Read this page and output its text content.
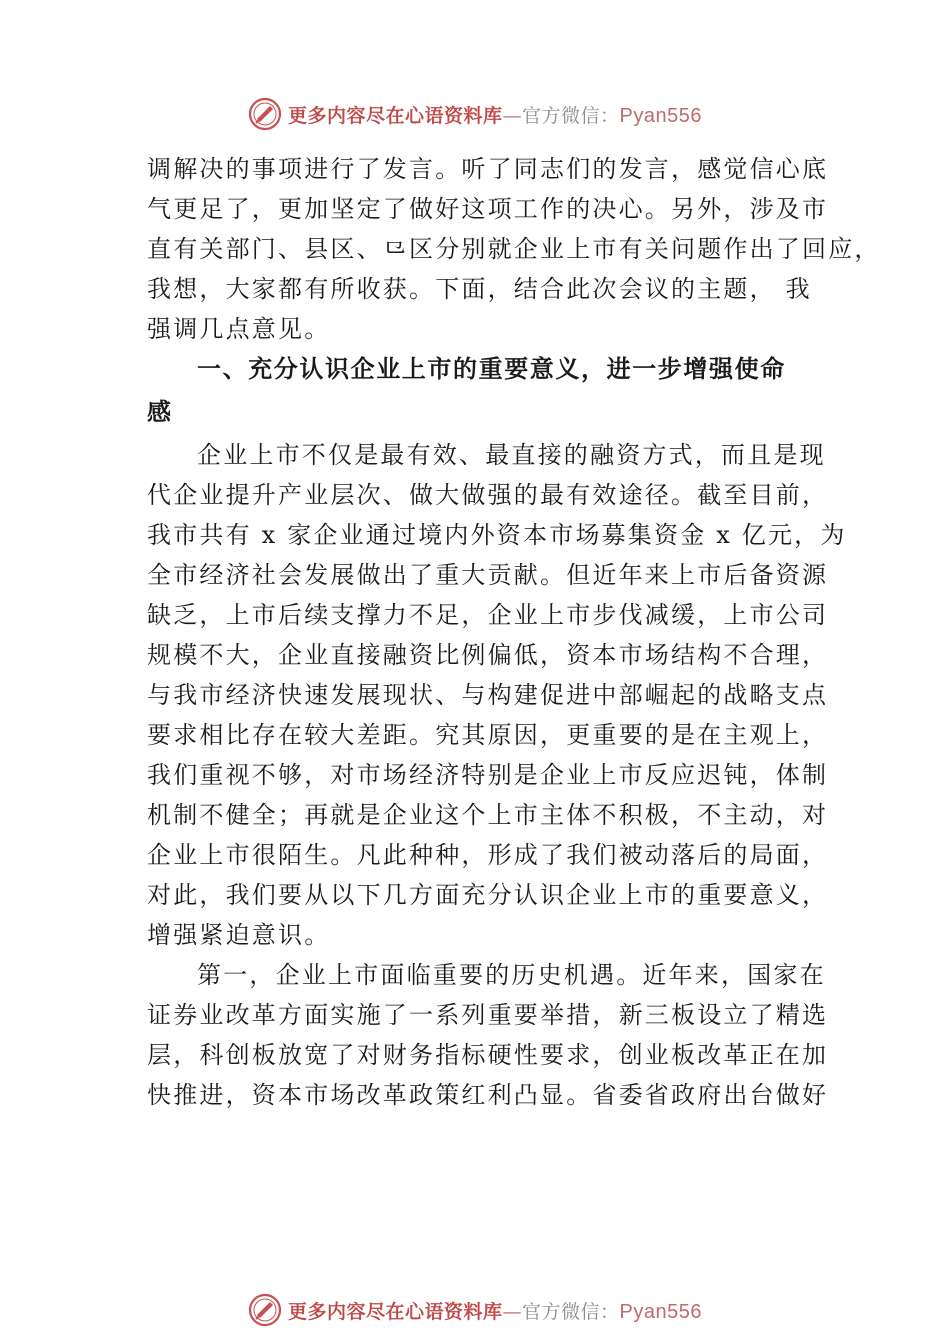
更多内容尽在心语资料库—官方微信：Pyan556
调解决的事项进行了发言。听了同志们的发言，感觉信心底
气更足了，更加坚定了做好这项工作的决心。另外，涉及市
直有关部门、县区、⺋区分别就企业上市有关问题作出了回应，
我想，大家都有所收获。下面，结合此次会议的主题， 我
强调几点意见。
一、充分认识企业上市的重要意义，进一步增强使命
感
企业上市不仅是最有效、最直接的融资方式，而且是现
代企业提升产业层次、做大做强的最有效途径。截至目前，
我市共有 x 家企业通过境内外资本市场募集资金 x 亿元，为
全市经济社会发展做出了重大贡献。但近年来上市后备资源
缺乏，上市后续支撑力不足，企业上市步伐减缓，上市公司
规模不大，企业直接融资比例偏低，资本市场结构不合理，
与我市经济快速发展现状、与构建促进中部崛起的战略支点
要求相比存在较大差距。究其原因，更重要的是在主观上，
我们重视不够，对市场经济特别是企业上市反应迟钝，体制
机制不健全；再就是企业这个上市主体不积极，不主动，对
企业上市很陌生。凡此种种，形成了我们被动落后的局面，
对此，我们要从以下几方面充分认识企业上市的重要意义，
增强紧迫意识。
第一，企业上市面临重要的历史机遇。近年来，国家在
证券业改革方面实施了一系列重要举措，新三板设立了精选
层，科创板放宽了对财务指标硬性要求，创业板改革正在加
快推进，资本市场改革政策红利凸显。省委省政府出台做好
更多内容尽在心语资料库—官方微信：Pyan556
